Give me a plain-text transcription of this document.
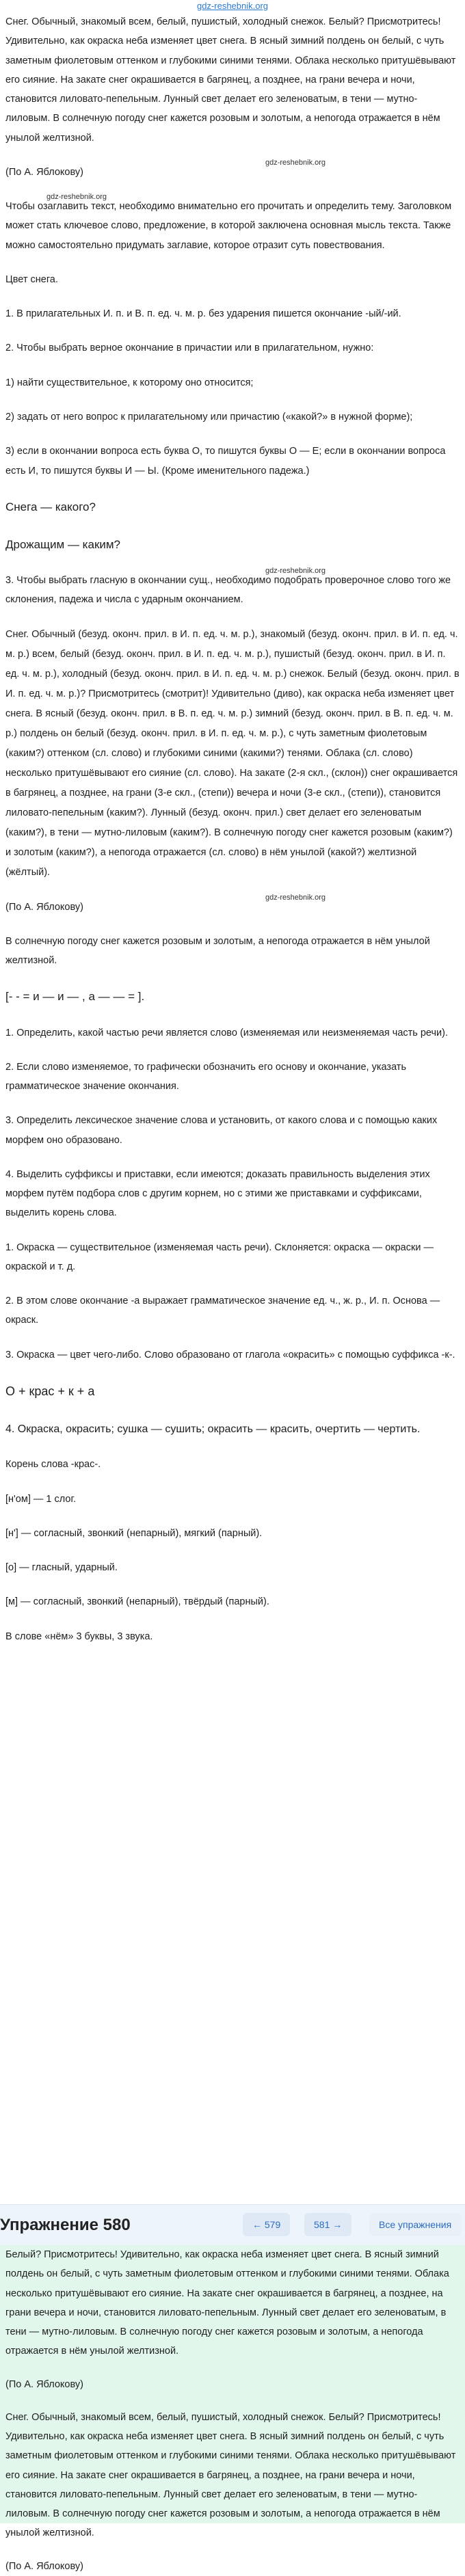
gdz-reshebnik.org

Снег. Обычный, знакомый всем, белый, пушистый, холодный снежок. Белый? Присмотритесь! Удивительно, как окраска неба изменяет цвет снега. В ясный зимний полдень он белый, с чуть заметным фиолетовым оттенком и глубокими синими тенями. Облака несколько притушёвывают его сияние. На закате снег окрашивается в багрянец, а позднее, на грани вечера и ночи, становится лиловато-пепельным. Лунный свет делает его зеленоватым, в тени — мутно-лиловым. В солнечную погоду снег кажется розовым и золотым, а непогода отражается в нём унылой желтизной.

gdz-reshebnik.org

(По А. Яблокову)

gdz-reshebnik.org

Чтобы озаглавить текст, необходимо внимательно его прочитать и определить тему. Заголовком может стать ключевое слово, предложение, в которой заключена основная мысль текста. Также можно самостоятельно придумать заглавие, которое отразит суть повествования.

Цвет снега.

1. В прилагательных И. п. и В. п. ед. ч. м. р. без ударения пишется окончание -ый/-ий.

2. Чтобы выбрать верное окончание в причастии или в прилагательном, нужно:

1) найти существительное, к которому оно относится;

2) задать от него вопрос к прилагательному или причастию («какой?» в нужной форме);

3) если в окончании вопроса есть буква О, то пишутся буквы О — Е; если в окончании вопроса есть И, то пишутся буквы И — Ы. (Кроме именительного падежа.)

Снега — какого?

Дрожащим — каким?

gdz-reshebnik.org

3. Чтобы выбрать гласную в окончании сущ., необходимо подобрать проверочное слово того же склонения, падежа и числа с ударным окончанием.

Снег. Обычный (безуд. оконч. прил. в И. п. ед. ч. м. р.), знакомый (безуд. оконч. прил. в И. п. ед. ч. м. р.) всем, белый (безуд. оконч. прил. в И. п. ед. ч. м. р.), пушистый (безуд. оконч. прил. в И. п. ед. ч. м. р.), холодный (безуд. оконч. прил. в И. п. ед. ч. м. р.) снежок. Белый (безуд. оконч. прил. в И. п. ед. ч. м. р.)? Присмотритесь (смотрит)! Удивительно (диво), как окраска неба изменяет цвет снега. В ясный (безуд. оконч. прил. в В. п. ед. ч. м. р.) зимний (безуд. оконч. прил. в В. п. ед. ч. м. р.) полдень он белый (безуд. оконч. прил. в И. п. ед. ч. м. р.), с чуть заметным фиолетовым (каким?) оттенком (сл. слово) и глубокими синими (какими?) тенями. Облака (сл. слово) несколько притушёвывают его сияние (сл. слово). На закате (2-я скл., (склон)) снег окрашивается в багрянец, а позднее, на грани (3-е скл., (степи)) вечера и ночи (3-е скл., (степи)), становится лиловато-пепельным (каким?). Лунный (безуд. оконч. прил.) свет делает его зеленоватым (каким?), в тени — мутно-лиловым (каким?). В солнечную погоду снег кажется розовым (каким?) и золотым (каким?), а непогода отражается (сл. слово) в нём унылой (какой?) желтизной (жёлтый).

gdz-reshebnik.org

(По А. Яблокову)

В солнечную погоду снег кажется розовым и золотым, а непогода отражается в нём унылой желтизной.

[- - = и — и — , а — — = ].

1. Определить, какой частью речи является слово (изменяемая или неизменяемая часть речи).

2. Если слово изменяемое, то графически обозначить его основу и окончание, указать грамматическое значение окончания.

3. Определить лексическое значение слова и установить, от какого слова и с помощью каких морфем оно образовано.

4. Выделить суффиксы и приставки, если имеются; доказать правильность выделения этих морфем путём подбора слов с другим корнем, но с этими же приставками и суффиксами, выделить корень слова.

1. Окраска — существительное (изменяемая часть речи). Склоняется: окраска — окраски — окраской и т. д.

2. В этом слове окончание -а выражает грамматическое значение ед. ч., ж. р., И. п. Основа — окраск.

3. Окраска — цвет чего-либо. Слово образовано от глагола «окрасить» с помощью суффикса -к-.

О + крас + к + а

4. Окраска, окрасить; сушка — сушить; окрасить — красить, очертить — чертить.

Корень слова -крас-.

[н'ом] — 1 слог.

[н'] — согласный, звонкий (непарный), мягкий (парный).

[о] — гласный, ударный.

[м] — согласный, звонкий (непарный), твёрдый (парный).

В слове «нём» 3 буквы, 3 звука.

Упражнение 580	← 579	581 →	Все упражнения

Белый? Присмотритесь! Удивительно, как окраска неба изменяет цвет снега. В ясный зимний полдень он белый, с чуть заметным фиолетовым оттенком и глубокими синими тенями. Облака несколько притушёвывают его сияние. На закате снег окрашивается в багрянец, а позднее, на грани вечера и ночи, становится лиловато-пепельным. Лунный свет делает его зеленоватым, в тени — мутно-лиловым. В солнечную погоду снег кажется розовым и золотым, а непогода отражается в нём унылой желтизной.

(По А. Яблокову)

Снег. Обычный, знакомый всем, белый, пушистый, холодный снежок. Белый? Присмотритесь! Удивительно, как окраска неба изменяет цвет снега. В ясный зимний полдень он белый, с чуть заметным фиолетовым оттенком и глубокими синими тенями. Облака несколько притушёвывают его сияние. На закате снег окрашивается в багрянец, а позднее, на грани вечера и ночи, становится лиловато-пепельным. Лунный свет делает его зеленоватым, в тени — мутно-лиловым. В солнечную погоду снег кажется розовым и золотым, а непогода отражается в нём унылой желтизной.

(По А. Яблокову)
